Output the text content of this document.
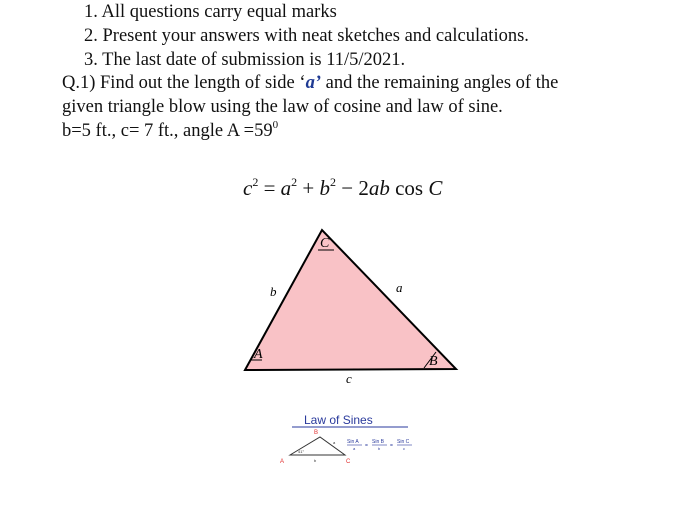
1. All questions carry equal marks
2. Present your answers with neat sketches and calculations.
3. The last date of submission is 11/5/2021.
Q.1) Find out the length of side ‘a’ and the remaining angles of the
given triangle blow using the law of cosine and law of sine.
b=5 ft., c= 7 ft., angle $A =59^0$
$c^2 = a^2 + b^2 - 2ab$ cos C
A
C
B
b	a
c
Law of Sines
B
A	C
41°
a
b
Sin A
a =
Sin B
b =
Sin C
c
